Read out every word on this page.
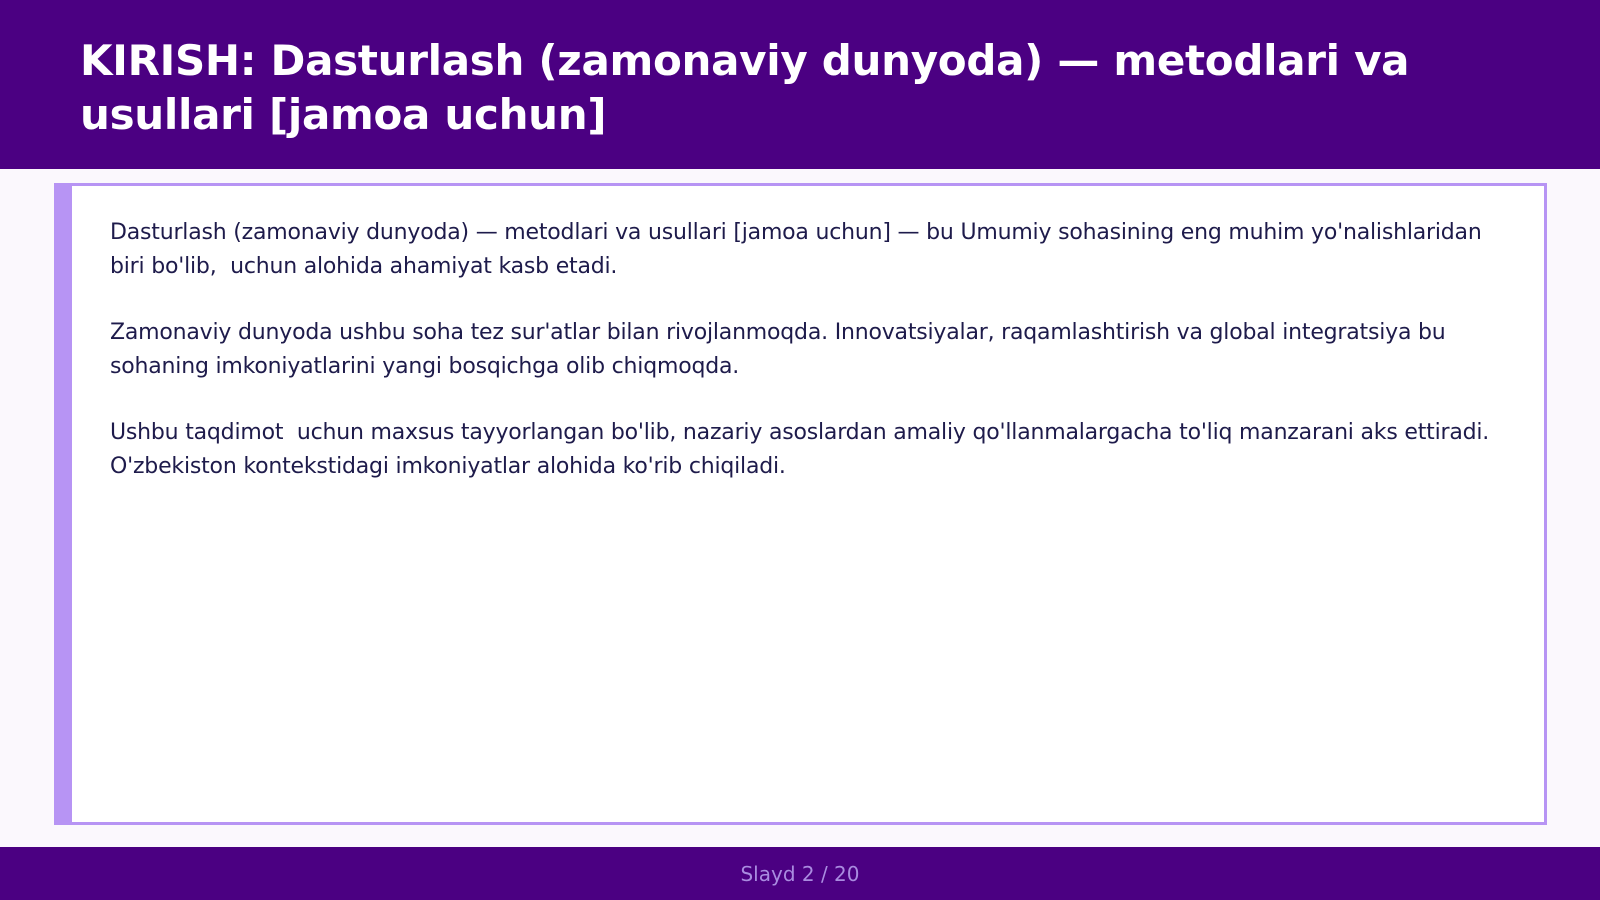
KIRISH: Dasturlash (zamonaviy dunyoda) — metodlari va usullari [jamoa uchun]

Dasturlash (zamonaviy dunyoda) — metodlari va usullari [jamoa uchun] — bu Umumiy sohasining eng muhim yo'nalishlaridan biri bo'lib,  uchun alohida ahamiyat kasb etadi.

Zamonaviy dunyoda ushbu soha tez sur'atlar bilan rivojlanmoqda. Innovatsiyalar, raqamlashtirish va global integratsiya bu sohaning imkoniyatlarini yangi bosqichga olib chiqmoqda.

Ushbu taqdimot  uchun maxsus tayyorlangan bo'lib, nazariy asoslardan amaliy qo'llanmalargacha to'liq manzarani aks ettiradi. O'zbekiston kontekstidagi imkoniyatlar alohida ko'rib chiqiladi.

Slayd 2 / 20
